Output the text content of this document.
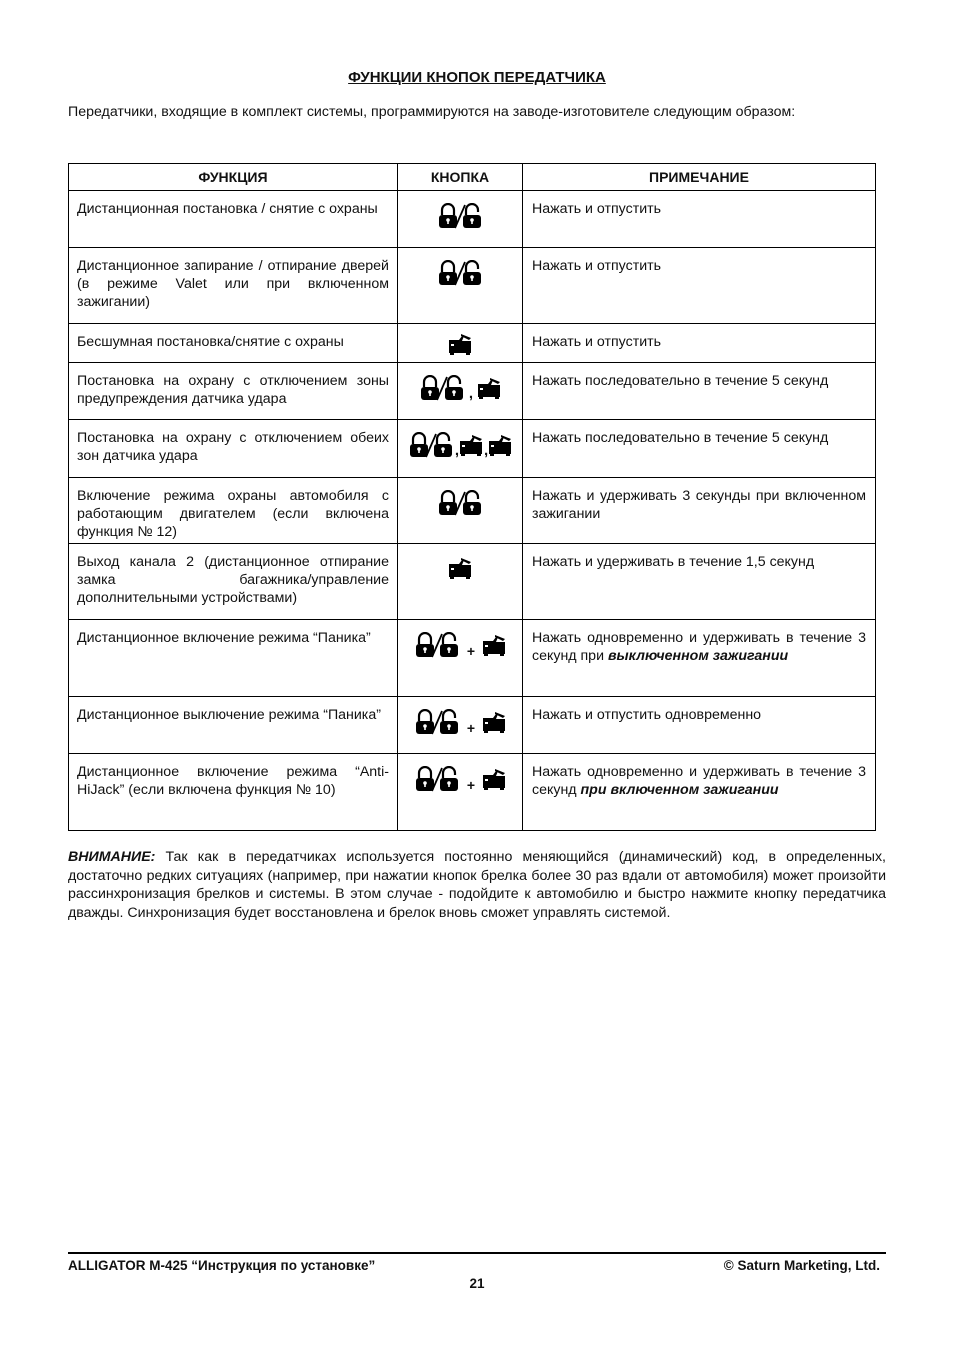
ФУНКЦИИ КНОПОК ПЕРЕДАТЧИКА
Передатчики, входящие в комплект системы, программируются на заводе-изготовителе следующим образом:
ФУНКЦИЯ	КНОПКА	ПРИМЕЧАНИЕ

Дистанционная постановка / снятие с охраны		Нажать и отпустить

Дистанционное запирание / отпирание дверей (в режиме Valet или при включенном зажигании)		Нажать и отпустить

Бесшумная постановка/снятие с охраны		Нажать и отпустить

Постановка на охрану с отключением зоны предупреждения датчика удара	,	Нажать последовательно в течение 5 секунд

Постановка на охрану с отключением обеих зон датчика удара	, ,	Нажать последовательно в течение 5 секунд

Включение режима охраны автомобиля с работающим двигателем (если включена функция № 12)		Нажать и удерживать 3 секунды при включенном зажигании

Выход канала 2 (дистанционное отпирание замка багажника/управление дополнительными устройствами)		Нажать и удерживать в течение 1,5 секунд

Дистанционное включение режима “Паника”	+	Нажать одновременно и удерживать в течение 3 секунд при выключенном зажигании

Дистанционное выключение режима “Паника”	+	Нажать и отпустить одновременно

Дистанционное включение режима “Anti-HiJack” (если включена функция № 10)	+	Нажать одновременно и удерживать в течение 3 секунд при включенном зажигании
ВНИМАНИЕ: Так как в передатчиках используется постоянно меняющийся (динамический) код, в определенных, достаточно редких ситуациях (например, при нажатии кнопок брелка более 30 раз вдали от автомобиля) может произойти рассинхронизация брелков и системы. В этом случае - подойдите к автомобилю и быстро нажмите кнопку передатчика дважды. Синхронизация будет восстановлена и брелок вновь сможет управлять системой.
ALLIGATOR M-425 “Инструкция по установке”	© Saturn Marketing, Ltd.
21
